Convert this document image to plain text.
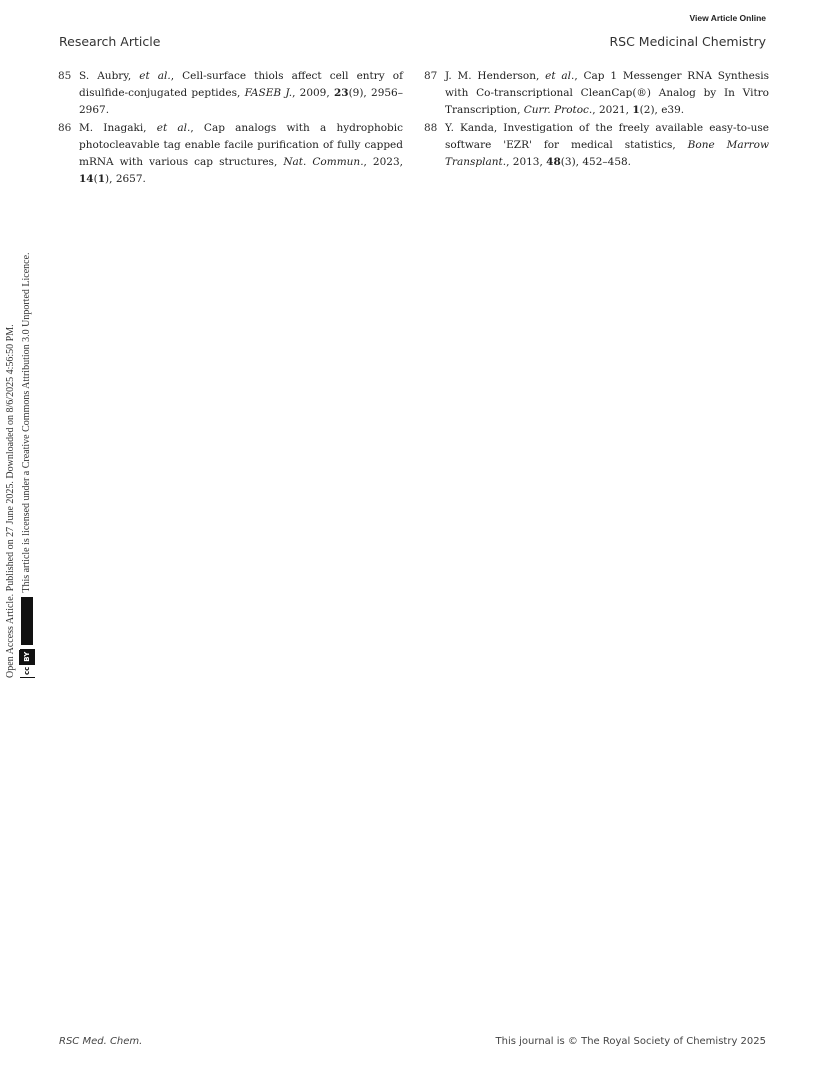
View Article Online
Research Article	RSC Medicinal Chemistry
85 S. Aubry, et al., Cell-surface thiols affect cell entry of disulfide-conjugated peptides, FASEB J., 2009, 23(9), 2956–2967.
86 M. Inagaki, et al., Cap analogs with a hydrophobic photocleavable tag enable facile purification of fully capped mRNA with various cap structures, Nat. Commun., 2023, 14(1), 2657.
87 J. M. Henderson, et al., Cap 1 Messenger RNA Synthesis with Co-transcriptional CleanCap(®) Analog by In Vitro Transcription, Curr. Protoc., 2021, 1(2), e39.
88 Y. Kanda, Investigation of the freely available easy-to-use software 'EZR' for medical statistics, Bone Marrow Transplant., 2013, 48(3), 452–458.
Open Access Article. Published on 27 June 2025. Downloaded on 8/6/2025 4:56:50 PM.	cc
BY
This article is licensed under a Creative Commons Attribution 3.0 Unported Licence.
RSC Med. Chem.	This journal is © The Royal Society of Chemistry 2025
